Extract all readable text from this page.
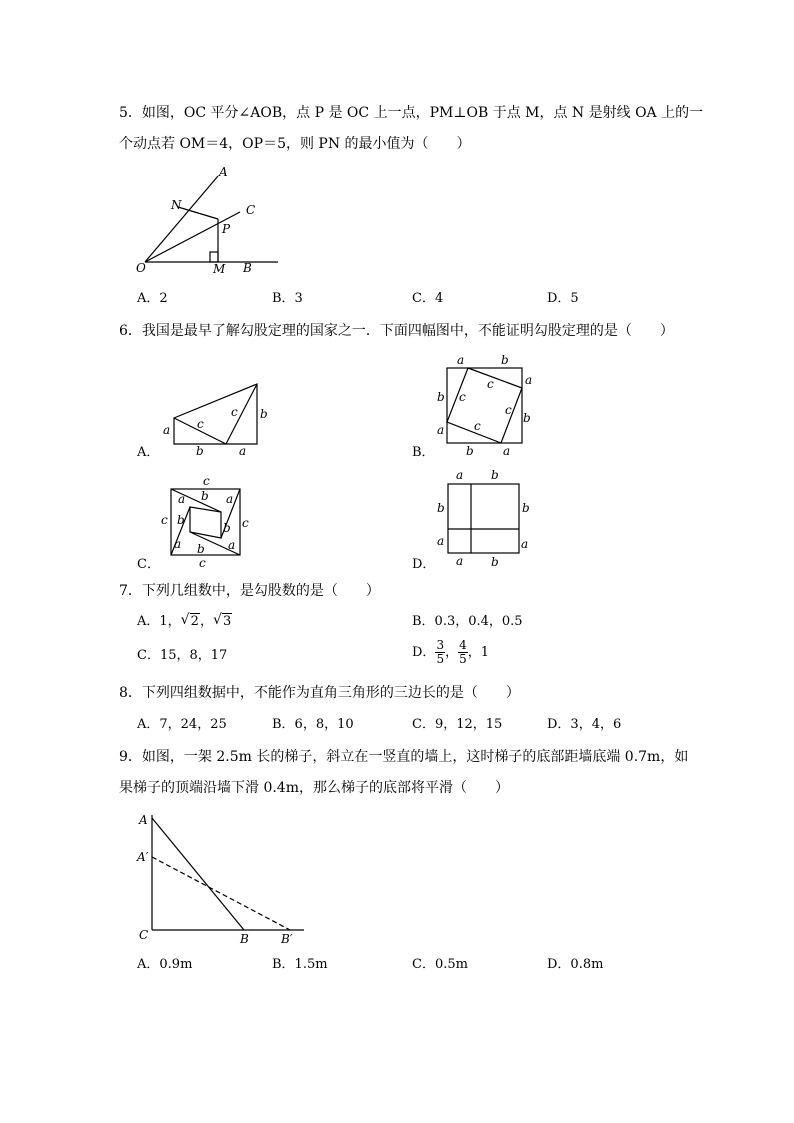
5．如图，OC 平分∠AOB，点 P 是 OC 上一点，PM⊥OB 于点 M，点 N 是射线 OA 上的一
个动点若 OM＝4，OP＝5，则 PN 的最小值为（　　）
A
C
N
P
O	M B
A．2	B．3	C．4	D．5
6．我国是最早了解勾股定理的国家之一．下面四幅图中，不能证明勾股定理的是（　　）
a c
c b
b	a
a	b
a
b
b
a
b a
c
c
c
c
c
b
a	a
c	c
b
b
a	a
b
c
a b
b
a
b
a
a b
A．	B．
C．	D．
7．下列几组数中，是勾股数的是（　　）
A．1， √ 2， √ 3	B．0.3，0.4，0.5
C．15，8，17	D． $\frac{3}{5}$ ， $\frac{4}{5}$ ，1
8．下列四组数据中，不能作为直角三角形的三边长的是（　　）
A．7，24，25	B．6，8，10	C．9，12，15	D．3，4，6
9．如图，一架 2.5m 长的梯子，斜立在一竖直的墙上，这时梯子的底部距墙底端 0.7m，如
果梯子的顶端沿墙下滑 0.4m，那么梯子的底部将平滑（　　）
A
A′
C	B	B′
A．0.9m	B．1.5m	C．0.5m	D．0.8m
